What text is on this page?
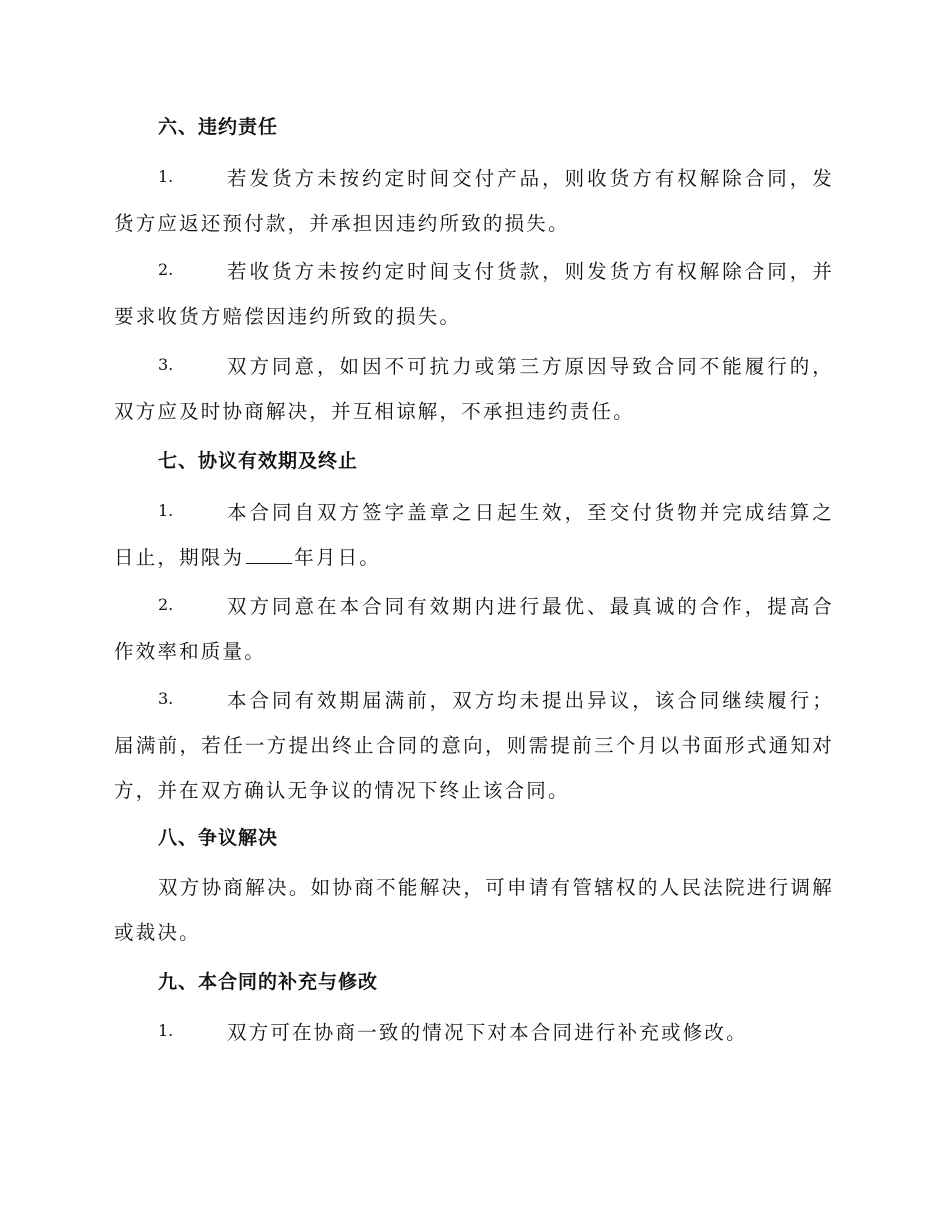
六、违约责任
1.	若发货方未按约定时间交付产品，则收货方有权解除合同，发货方应返还预付款，并承担因违约所致的损失。

2.	若收货方未按约定时间支付货款，则发货方有权解除合同，并要求收货方赔偿因违约所致的损失。

3.	双方同意，如因不可抗力或第三方原因导致合同不能履行的，双方应及时协商解决，并互相谅解，不承担违约责任。

七、协议有效期及终止
1.	本合同自双方签字盖章之日起生效，至交付货物并完成结算之日止，期限为	年月日。

2.	双方同意在本合同有效期内进行最优、最真诚的合作，提高合作效率和质量。

3.	本合同有效期届满前，双方均未提出异议，该合同继续履行；届满前，若任一方提出终止合同的意向，则需提前三个月以书面形式通知对方，并在双方确认无争议的情况下终止该合同。

八、争议解决

双方协商解决。如协商不能解决，可申请有管辖权的人民法院进行调解或裁决。

九、本合同的补充与修改
1.	双方可在协商一致的情况下对本合同进行补充或修改。
